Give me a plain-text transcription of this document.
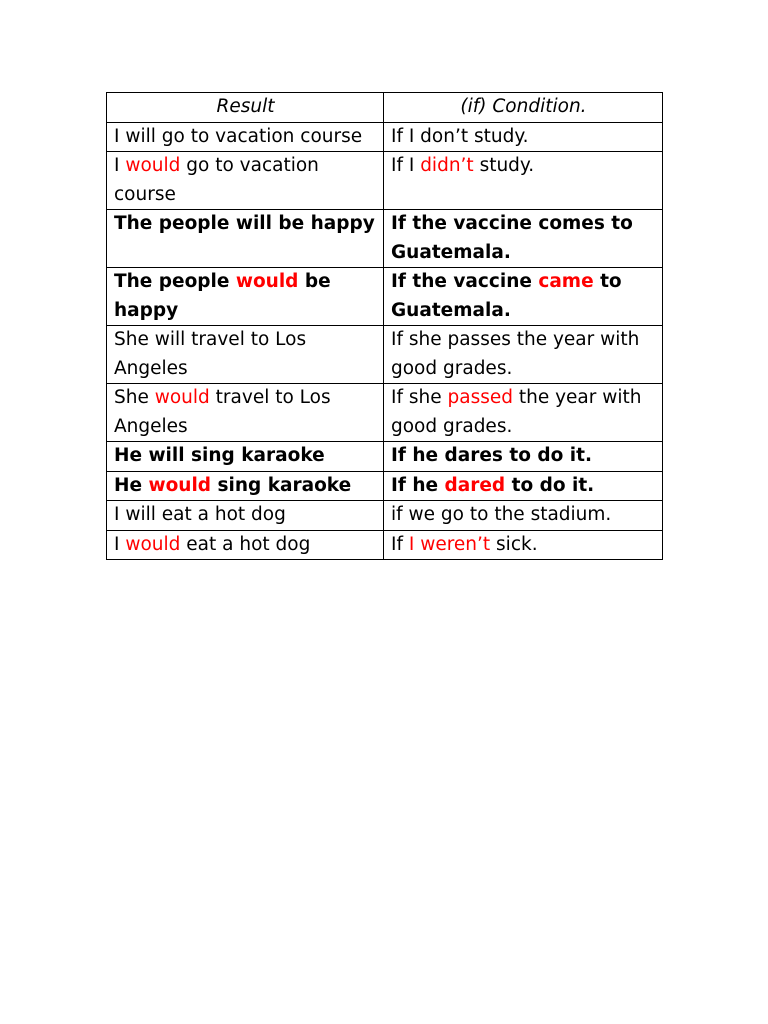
Result	(if) Condition.
I will go to vacation course	If I don’t study.
I would go to vacation course	If I didn’t study.
The people will be happy	If the vaccine comes to Guatemala.
The people would be happy	If the vaccine came to Guatemala.
She will travel to Los Angeles	If she passes the year with good grades.
She would travel to Los Angeles	If she passed the year with good grades.
He will sing karaoke	If he dares to do it.
He would sing karaoke	If he dared to do it.
I will eat a hot dog	if we go to the stadium.
I would eat a hot dog	If I weren’t sick.
